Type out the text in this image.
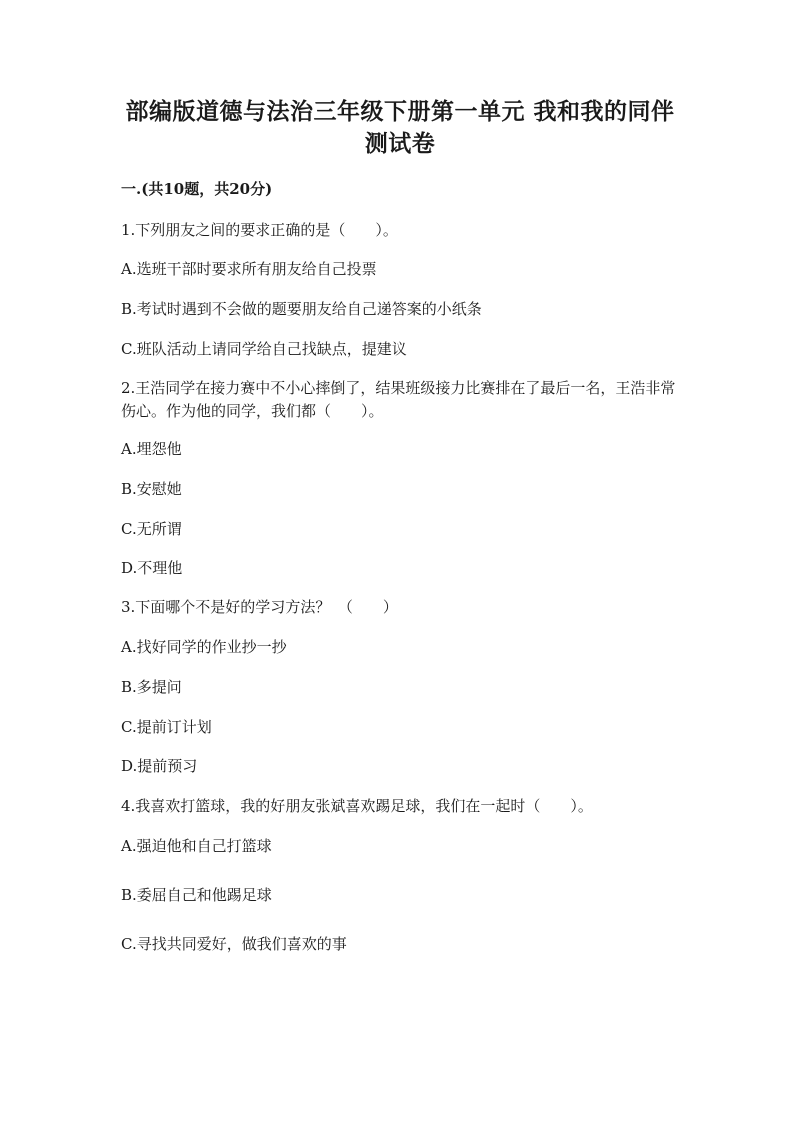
部编版道德与法治三年级下册第一单元 我和我的同伴 测试卷
一.(共10题，共20分)
1.下列朋友之间的要求正确的是（　　）。
A.选班干部时要求所有朋友给自己投票
B.考试时遇到不会做的题要朋友给自己递答案的小纸条
C.班队活动上请同学给自己找缺点，提建议
2.王浩同学在接力赛中不小心摔倒了，结果班级接力比赛排在了最后一名，王浩非常伤心。作为他的同学，我们都（　　）。
A.埋怨他
B.安慰她
C.无所谓
D.不理他
3.下面哪个不是好的学习方法？　（　　）
A.找好同学的作业抄一抄
B.多提问
C.提前订计划
D.提前预习
4.我喜欢打篮球，我的好朋友张斌喜欢踢足球，我们在一起时（　　）。
A.强迫他和自己打篮球
B.委屈自己和他踢足球
C.寻找共同爱好，做我们喜欢的事
